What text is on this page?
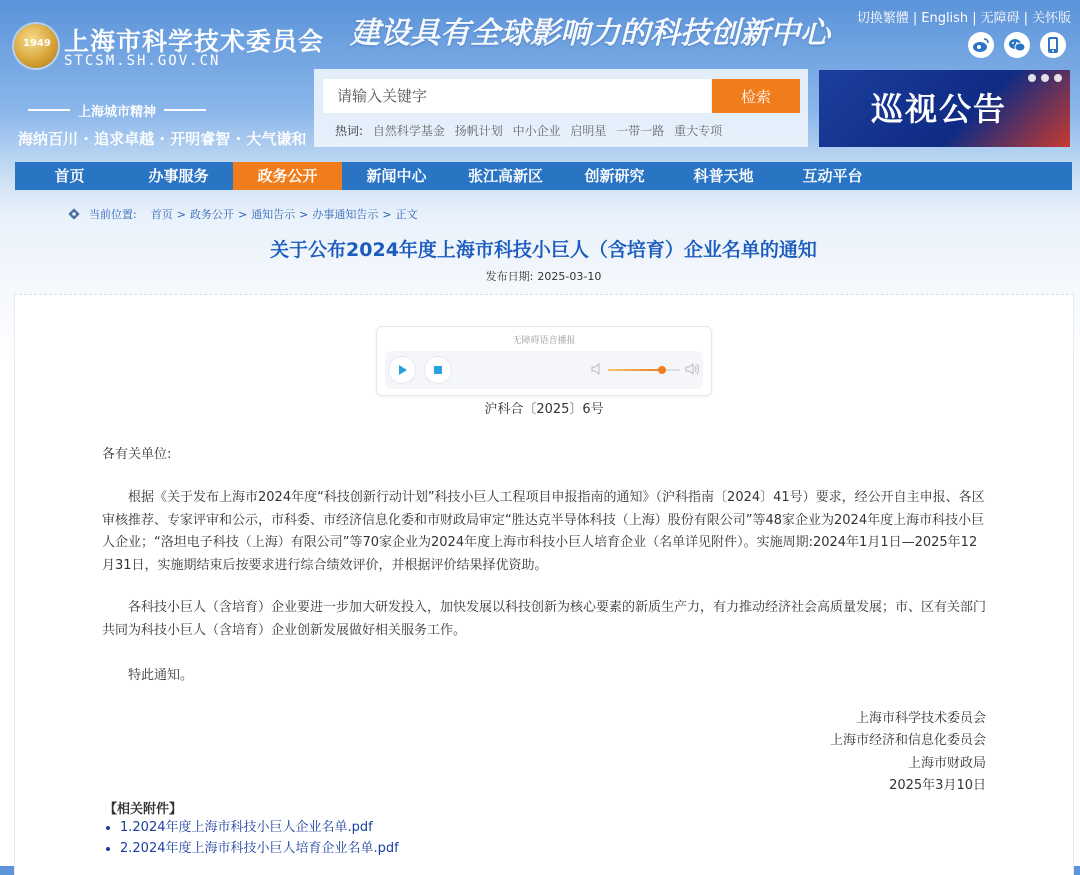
1949 上海市科学技术委员会
STCSM.SH.GOV.CN
建设具有全球影响力的科技创新中心 切换繁體 | English | 无障碍 | 关怀版
上海城市精神
海纳百川 · 追求卓越 · 开明睿智 · 大气谦和
请输入关键字
检索
热词: 自然科学基金 扬帆计划 中小企业 启明星 一带一路 重大专项
巡视公告
首页	办事服务	政务公开	新闻中心	张江高新区	创新研究	科普天地	互动平台
当前位置: 首页 > 政务公开 > 通知告示 > 办事通知告示 > 正文
关于公布2024年度上海市科技小巨人（含培育）企业名单的通知
发布日期: 2025-03-10
无障碍语音播报
沪科合〔2025〕6号
各有关单位:

根据《关于发布上海市2024年度“科技创新行动计划”科技小巨人工程项目申报指南的通知》（沪科指南〔2024〕41号）要求，经公开自主申报、各区审核推荐、专家评审和公示，市科委、市经济信息化委和市财政局审定“胜达克半导体科技（上海）股份有限公司”等48家企业为2024年度上海市科技小巨人企业；“洛坦电子科技（上海）有限公司”等70家企业为2024年度上海市科技小巨人培育企业（名单详见附件）。实施周期:2024年1月1日—2025年12月31日，实施期结束后按要求进行综合绩效评价，并根据评价结果择优资助。

各科技小巨人（含培育）企业要进一步加大研发投入，加快发展以科技创新为核心要素的新质生产力，有力推动经济社会高质量发展；市、区有关部门共同为科技小巨人（含培育）企业创新发展做好相关服务工作。

特此通知。

上海市科学技术委员会
上海市经济和信息化委员会
上海市财政局
2025年3月10日
【相关附件】
• 1.2024年度上海市科技小巨人企业名单.pdf
• 2.2024年度上海市科技小巨人培育企业名单.pdf
